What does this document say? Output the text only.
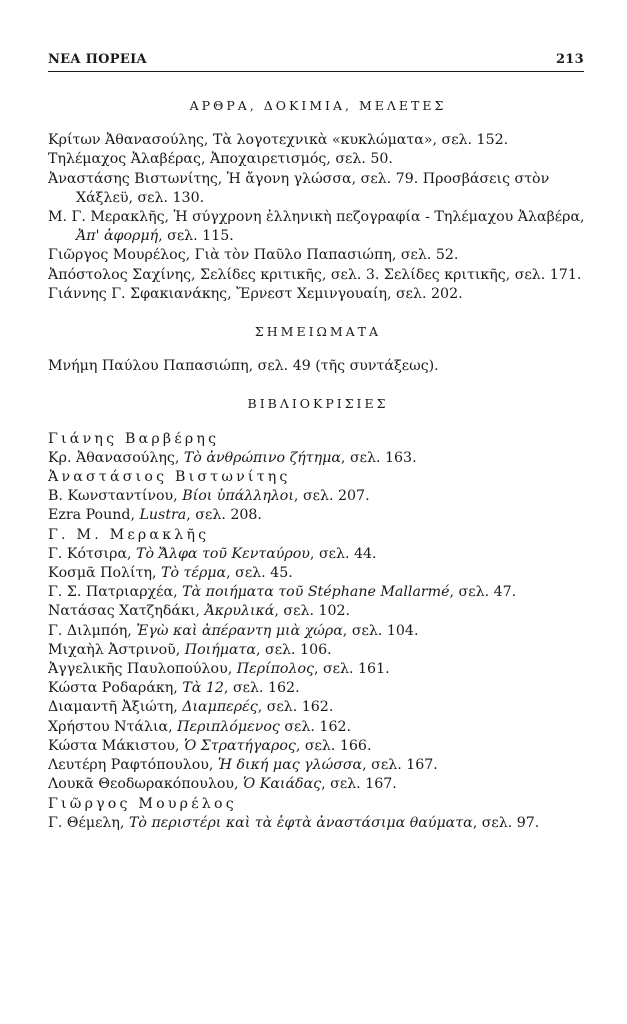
ΝΕΑ ΠΟΡΕΙΑ	213
ΑΡΘΡΑ, ΔΟΚΙΜΙΑ, ΜΕΛΕΤΕΣ

Κρίτων Ἀθανασούλης, Τὰ λογοτεχνικὰ «κυκλώματα», σελ. 152.

Τηλέμαχος Ἀλαβέρας, Ἀποχαιρετισμός, σελ. 50.

Ἀναστάσης Βιστωνίτης, Ἡ ἄγονη γλώσσα, σελ. 79. Προσβάσεις στὸν Χάξλεϋ, σελ. 130.

Μ. Γ. Μερακλῆς, Ἡ σύγχρονη ἑλληνικὴ πεζογραφία - Τηλέμαχου Ἀλαβέρα, Ἀπ' ἀφορμή, σελ. 115.

Γιῶργος Μουρέλος, Γιὰ τὸν Παῦλο Παπασιώπη, σελ. 52.

Ἀπόστολος Σαχίνης, Σελίδες κριτικῆς, σελ. 3. Σελίδες κριτικῆς, σελ. 171.

Γιάννης Γ. Σφακιανάκης, Ἔρνεστ Χεμινγουαίη, σελ. 202.

ΣΗΜΕΙΩΜΑΤΑ

Μνήμη Παύλου Παπασιώπη, σελ. 49 (τῆς συντάξεως).

ΒΙΒΛΙΟΚΡΙΣΙΕΣ

Γιάνης Βαρβέρης

Κρ. Ἀθανασούλης, Τὸ ἀνθρώπινο ζήτημα, σελ. 163.

Ἀναστάσιος Βιστωνίτης

Β. Κωνσταντίνου, Βίοι ὑπάλληλοι, σελ. 207.

Ezra Pound, Lustra, σελ. 208.

Γ. Μ. Μερακλῆς

Γ. Κότσιρα, Τὸ Ἄλφα τοῦ Κενταύρου, σελ. 44.

Κοσμᾶ Πολίτη, Τὸ τέρμα, σελ. 45.

Γ. Σ. Πατριαρχέα, Τὰ ποιήματα τοῦ Stéphane Mallarmé, σελ. 47.

Νατάσας Χατζηδάκι, Ἀκρυλικά, σελ. 102.

Γ. Διλμπόη, Ἐγὼ καὶ ἀπέραντη μιὰ χώρα, σελ. 104.

Μιχαὴλ Ἀστρινοῦ, Ποιήματα, σελ. 106.

Ἀγγελικῆς Παυλοπούλου, Περίπολος, σελ. 161.

Κώστα Ροδαράκη, Τὰ 12, σελ. 162.

Διαμαντῆ Ἀξιώτη, Διαμπερές, σελ. 162.

Χρήστου Ντάλια, Περιπλόμενος σελ. 162.

Κώστα Μάκιστου, Ὁ Στρατήγαρος, σελ. 166.

Λευτέρη Ραφτόπουλου, Ἡ δική μας γλώσσα, σελ. 167.

Λουκᾶ Θεοδωρακόπουλου, Ὁ Καιάδας, σελ. 167.

Γιῶργος Μουρέλος

Γ. Θέμελη, Τὸ περιστέρι καὶ τὰ ἑφτὰ ἀναστάσιμα θαύματα, σελ. 97.
